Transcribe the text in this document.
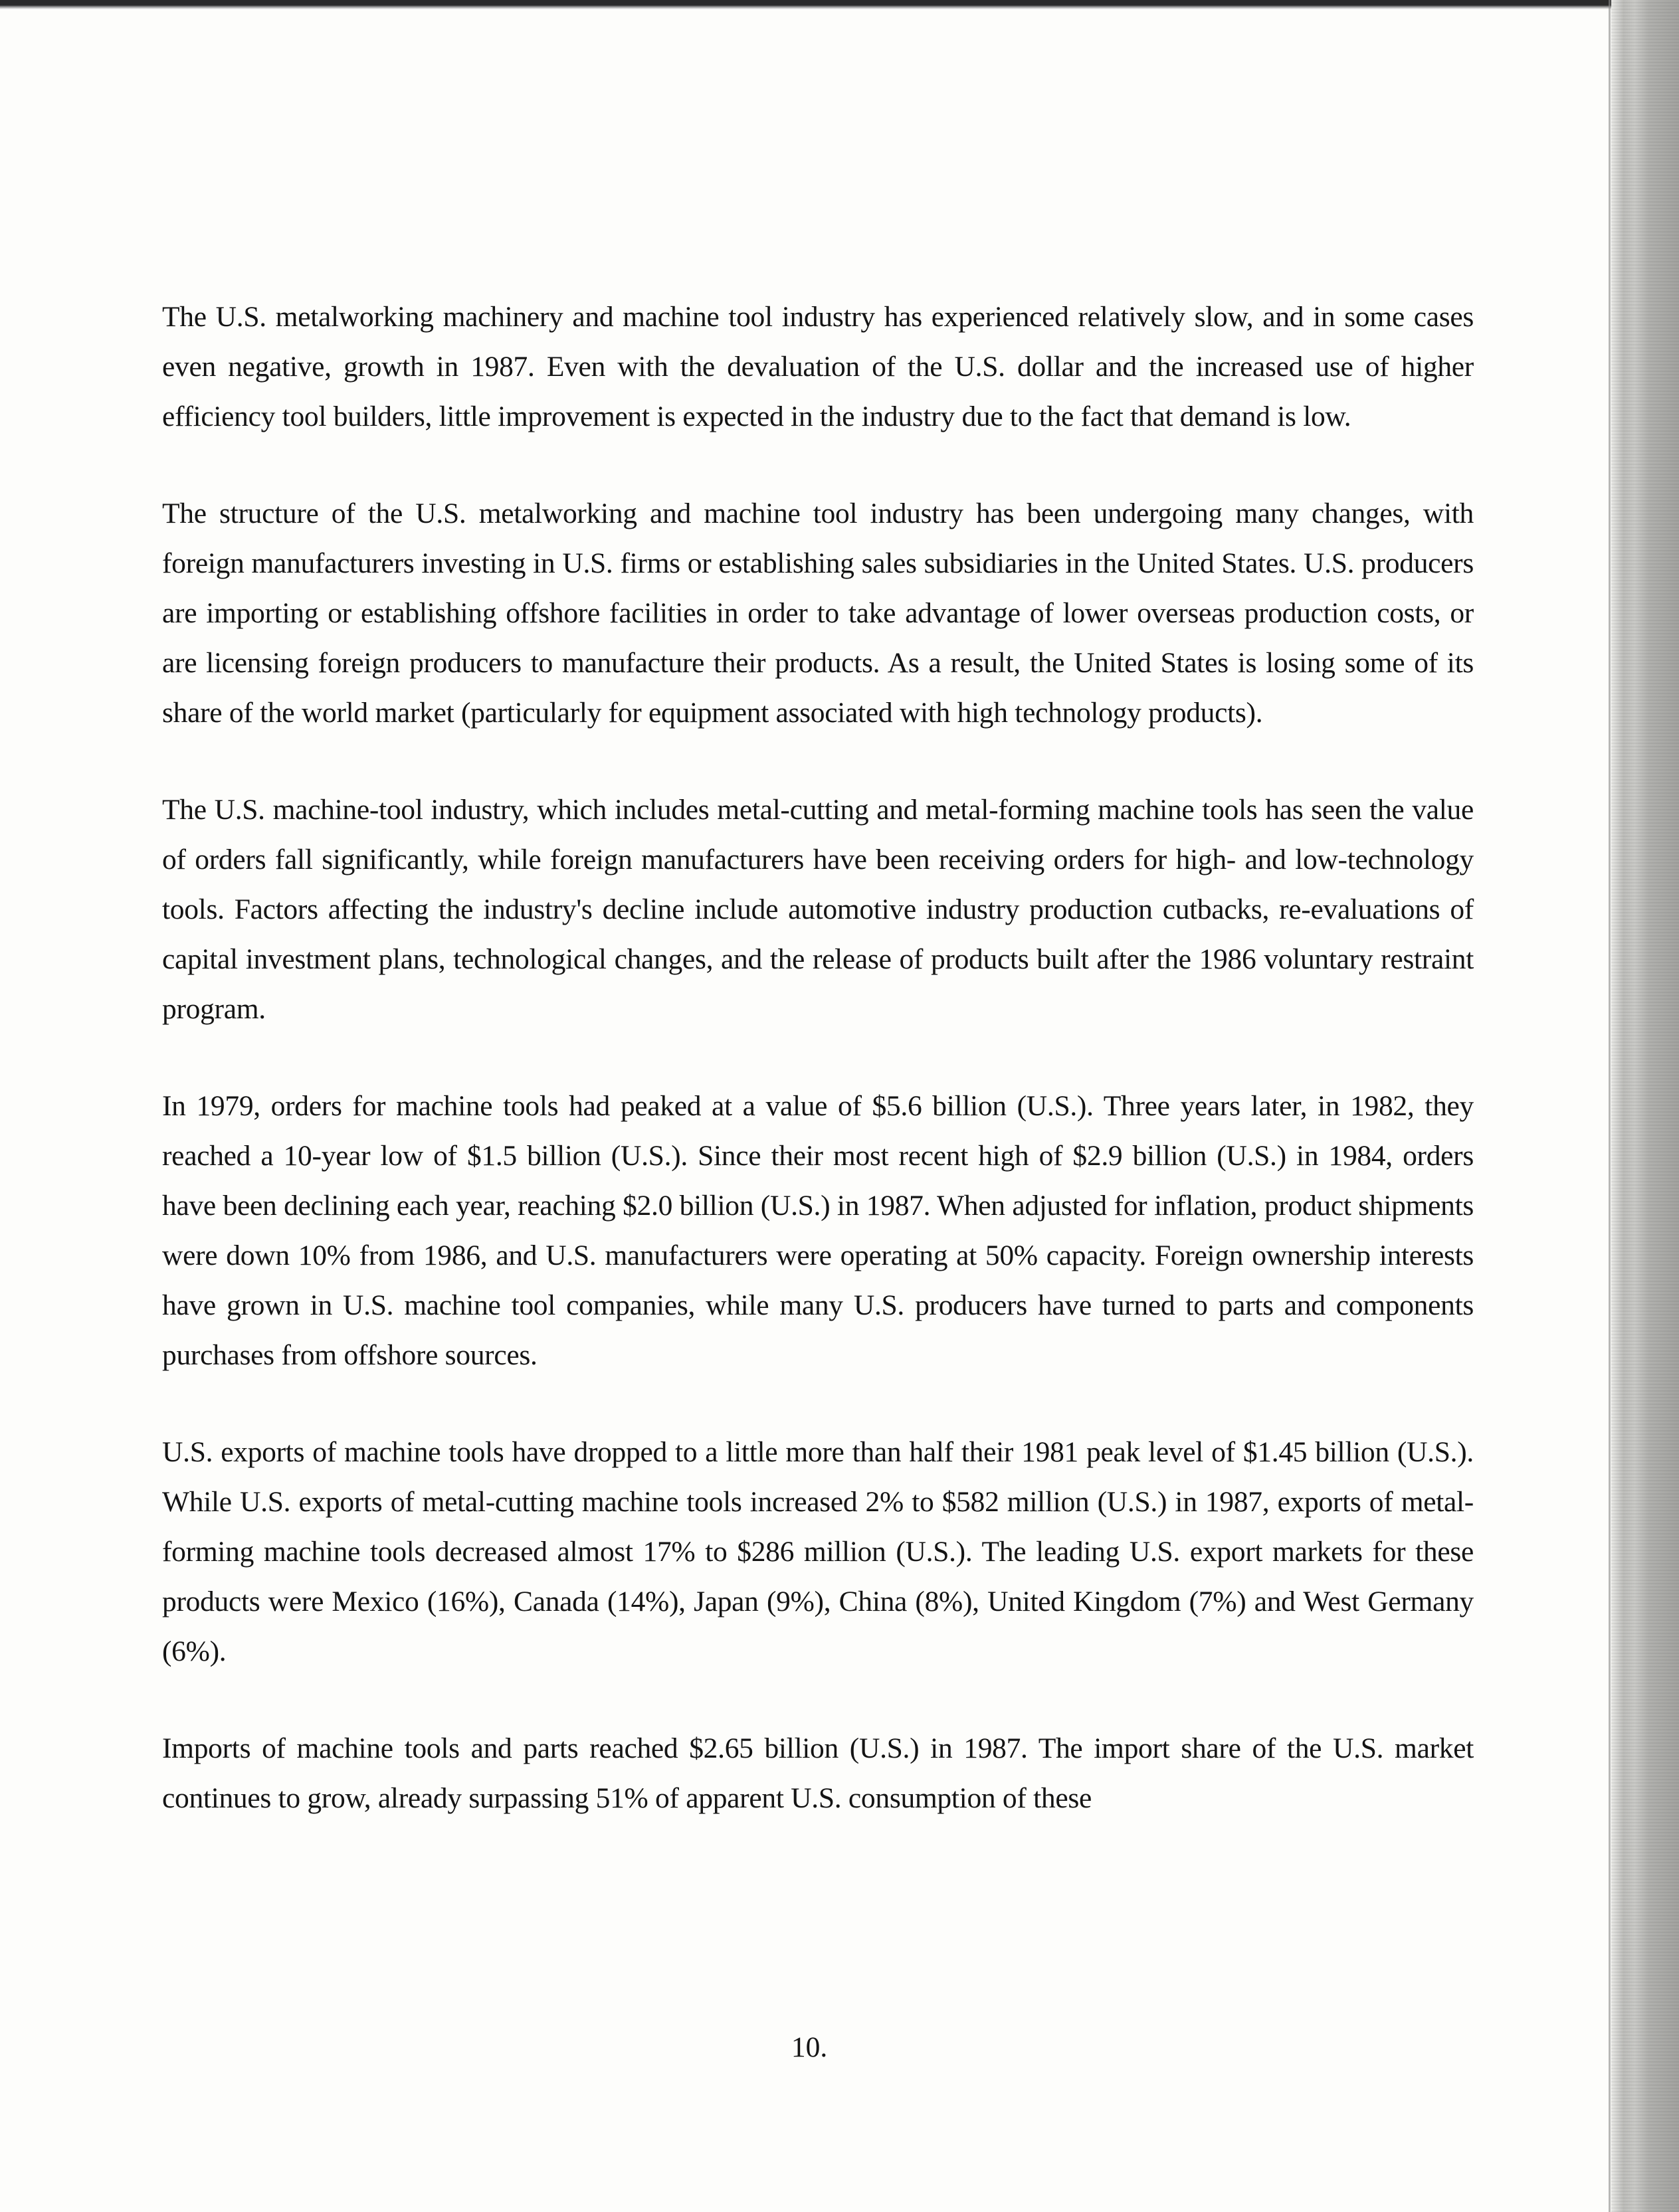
The U.S. metalworking machinery and machine tool industry has experienced relatively slow, and in some cases even negative, growth in 1987. Even with the devaluation of the U.S. dollar and the increased use of higher efficiency tool builders, little improvement is expected in the industry due to the fact that demand is low.

The structure of the U.S. metalworking and machine tool industry has been undergoing many changes, with foreign manufacturers investing in U.S. firms or establishing sales subsidiaries in the United States. U.S. producers are importing or establishing offshore facilities in order to take advantage of lower overseas production costs, or are licensing foreign producers to manufacture their products. As a result, the United States is losing some of its share of the world market (particularly for equipment associated with high technology products).

The U.S. machine-tool industry, which includes metal-cutting and metal-forming machine tools has seen the value of orders fall significantly, while foreign manufacturers have been receiving orders for high- and low-technology tools. Factors affecting the industry's decline include automotive industry production cutbacks, re-evaluations of capital investment plans, technological changes, and the release of products built after the 1986 voluntary restraint program.

In 1979, orders for machine tools had peaked at a value of $5.6 billion (U.S.). Three years later, in 1982, they reached a 10-year low of $1.5 billion (U.S.). Since their most recent high of $2.9 billion (U.S.) in 1984, orders have been declining each year, reaching $2.0 billion (U.S.) in 1987. When adjusted for inflation, product shipments were down 10% from 1986, and U.S. manufacturers were operating at 50% capacity. Foreign ownership interests have grown in U.S. machine tool companies, while many U.S. producers have turned to parts and components purchases from offshore sources.

U.S. exports of machine tools have dropped to a little more than half their 1981 peak level of $1.45 billion (U.S.). While U.S. exports of metal-cutting machine tools increased 2% to $582 million (U.S.) in 1987, exports of metal-forming machine tools decreased almost 17% to $286 million (U.S.). The leading U.S. export markets for these products were Mexico (16%), Canada (14%), Japan (9%), China (8%), United Kingdom (7%) and West Germany (6%).

Imports of machine tools and parts reached $2.65 billion (U.S.) in 1987. The import share of the U.S. market continues to grow, already surpassing 51% of apparent U.S. consumption of these

10.
